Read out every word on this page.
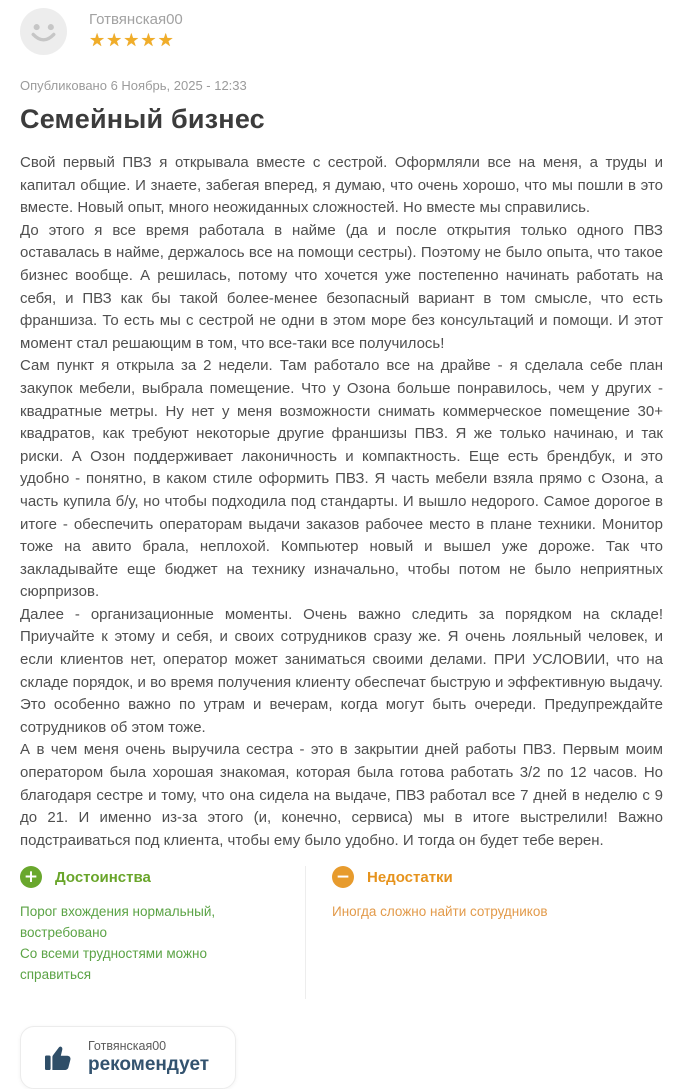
Готвянская00
★★★★★
Опубликовано 6 Ноябрь, 2025 - 12:33
Семейный бизнес

Свой первый ПВЗ я открывала вместе с сестрой. Оформляли все на меня, а труды и капитал общие. И знаете, забегая вперед, я думаю, что очень хорошо, что мы пошли в это вместе. Новый опыт, много неожиданных сложностей. Но вместе мы справились.

До этого я все время работала в найме (да и после открытия только одного ПВЗ оставалась в найме, держалось все на помощи сестры). Поэтому не было опыта, что такое бизнес вообще. А решилась, потому что хочется уже постепенно начинать работать на себя, и ПВЗ как бы такой более-менее безопасный вариант в том смысле, что есть франшиза. То есть мы с сестрой не одни в этом море без консультаций и помощи. И этот момент стал решающим в том, что все-таки все получилось!

Сам пункт я открыла за 2 недели. Там работало все на драйве - я сделала себе план закупок мебели, выбрала помещение. Что у Озона больше понравилось, чем у других - квадратные метры. Ну нет у меня возможности снимать коммерческое помещение 30+ квадратов, как требуют некоторые другие франшизы ПВЗ. Я же только начинаю, и так риски. А Озон поддерживает лаконичность и компактность. Еще есть брендбук, и это удобно - понятно, в каком стиле оформить ПВЗ. Я часть мебели взяла прямо с Озона, а часть купила б/у, но чтобы подходила под стандарты. И вышло недорого. Самое дорогое в итоге - обеспечить операторам выдачи заказов рабочее место в плане техники. Монитор тоже на авито брала, неплохой. Компьютер новый и вышел уже дороже. Так что закладывайте еще бюджет на технику изначально, чтобы потом не было неприятных сюрпризов.

Далее - организационные моменты. Очень важно следить за порядком на складе! Приучайте к этому и себя, и своих сотрудников сразу же. Я очень лояльный человек, и если клиентов нет, оператор может заниматься своими делами. ПРИ УСЛОВИИ, что на складе порядок, и во время получения клиенту обеспечат быструю и эффективную выдачу. Это особенно важно по утрам и вечерам, когда могут быть очереди. Предупреждайте сотрудников об этом тоже.

А в чем меня очень выручила сестра - это в закрытии дней работы ПВЗ. Первым моим оператором была хорошая знакомая, которая была готова работать 3/2 по 12 часов. Но благодаря сестре и тому, что она сидела на выдаче, ПВЗ работал все 7 дней в неделю с 9 до 21. И именно из-за этого (и, конечно, сервиса) мы в итоге выстрелили! Важно подстраиваться под клиента, чтобы ему было удобно. И тогда он будет тебе верен.

+ Достоинства
Порог вхождения нормальный, востребовано
Со всеми трудностями можно справиться
− Недостатки
Иногда сложно найти сотрудников
Готвянская00
рекомендует
